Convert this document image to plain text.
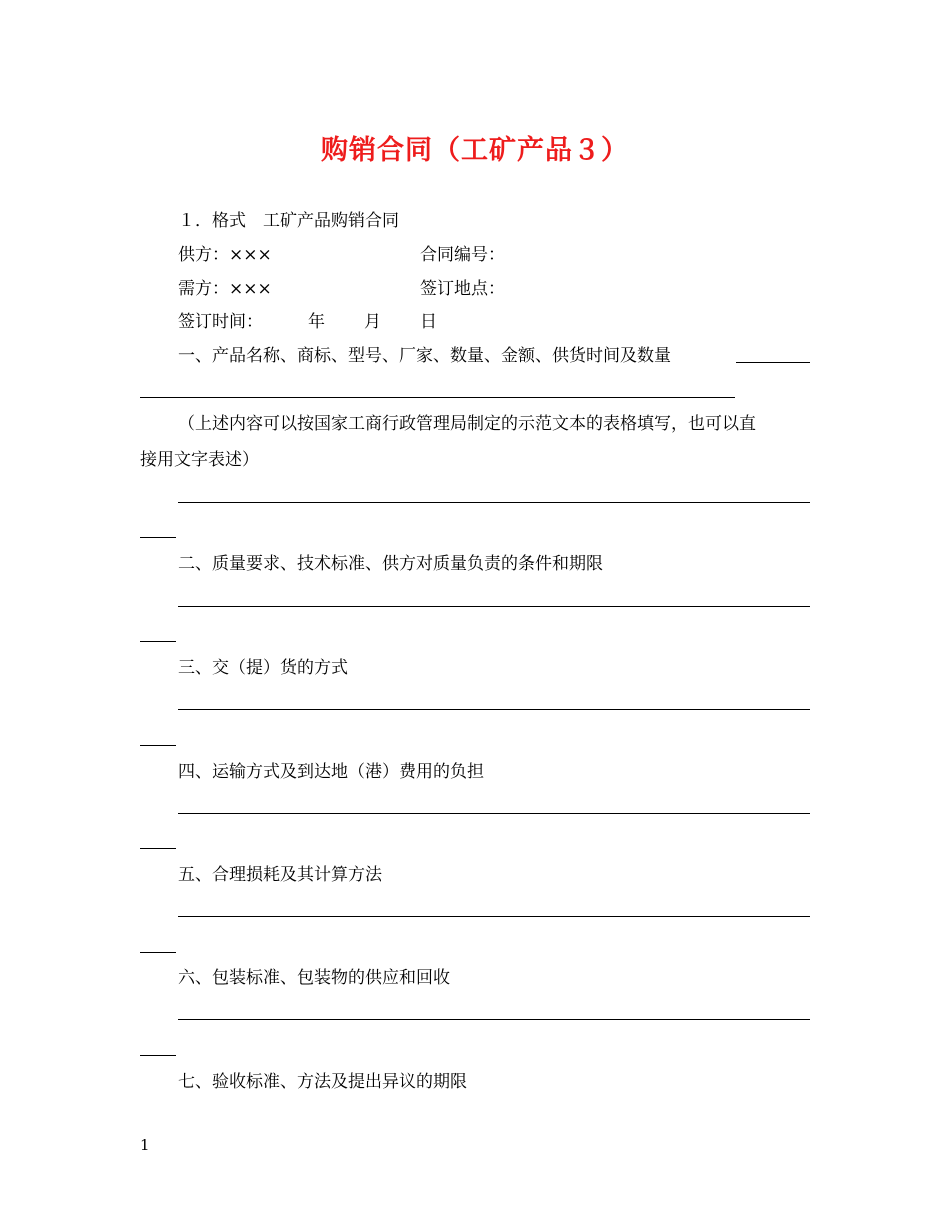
购销合同（工矿产品３）
１．格式　工矿产品购销合同
供方：×××	合同编号：
需方：×××	签订地点：
签订时间：	年 月 日
一、产品名称、商标、型号、厂家、数量、金额、供货时间及数量
（上述内容可以按国家工商行政管理局制定的示范文本的表格填写，也可以直
接用文字表述）
二、质量要求、技术标准、供方对质量负责的条件和期限
三、交（提）货的方式
四、运输方式及到达地（港）费用的负担
五、合理损耗及其计算方法
六、包装标准、包装物的供应和回收
七、验收标准、方法及提出异议的期限
1
